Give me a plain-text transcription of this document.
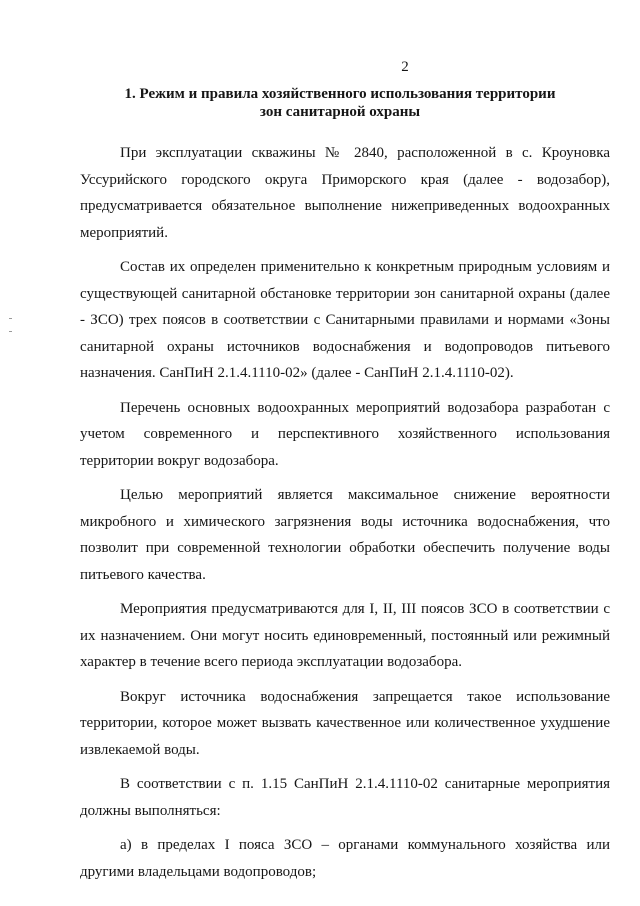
2
1. Режим и правила хозяйственного использования территории
зон санитарной охраны

При эксплуатации скважины № 2840, расположенной в с. Кроуновка Уссурийского городского округа Приморского края (далее - водозабор), предусматривается обязательное выполнение нижеприведенных водоохранных мероприятий.

Состав их определен применительно к конкретным природным условиям и существующей санитарной обстановке территории зон санитарной охраны (далее - ЗСО) трех поясов в соответствии с Санитарными правилами и нормами «Зоны санитарной охраны источников водоснабжения и водопроводов питьевого назначения. СанПиН 2.1.4.1110-02» (далее - СанПиН 2.1.4.1110-02).

Перечень основных водоохранных мероприятий водозабора разработан с учетом современного и перспективного хозяйственного использования территории вокруг водозабора.

Целью мероприятий является максимальное снижение вероятности микробного и химического загрязнения воды источника водоснабжения, что позволит при современной технологии обработки обеспечить получение воды питьевого качества.

Мероприятия предусматриваются для I, II, III поясов ЗСО в соответствии с их назначением. Они могут носить единовременный, постоянный или режимный характер в течение всего периода эксплуатации водозабора.

Вокруг источника водоснабжения запрещается такое использование территории, которое может вызвать качественное или количественное ухудшение извлекаемой воды.

В соответствии с п. 1.15 СанПиН 2.1.4.1110-02 санитарные мероприятия должны выполняться:

а) в пределах I пояса ЗСО – органами коммунального хозяйства или другими владельцами водопроводов;
